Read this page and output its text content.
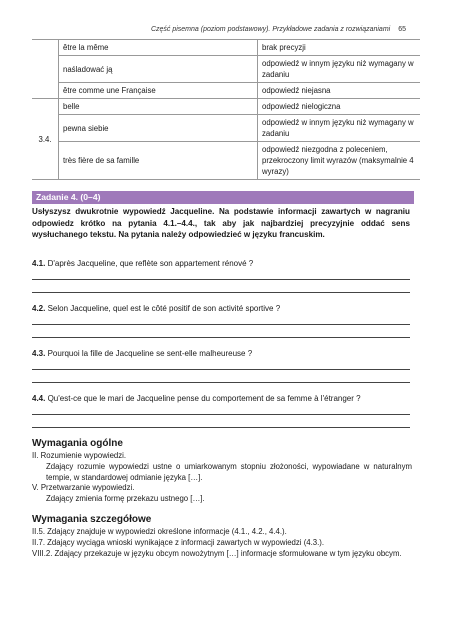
Część pisemna (poziom podstawowy). Przykładowe zadania z rozwiązaniami 65
	être la même	brak precyzji
	naśladować ją	odpowiedź w innym języku niż wymagany w zadaniu
	être comme une Française	odpowiedź niejasna
3.4.	belle	odpowiedź nielogiczna
	pewna siebie	odpowiedź w innym języku niż wymagany w zadaniu
	très fière de sa famille	odpowiedź niezgodna z poleceniem, przekroczony limit wyrazów (maksymalnie 4 wyrazy)
Zadanie 4. (0–4)
Usłyszysz dwukrotnie wypowiedź Jacqueline. Na podstawie informacji zawartych w nagraniu odpowiedz krótko na pytania 4.1.–4.4., tak aby jak najbardziej precyzyjnie oddać sens wysłuchanego tekstu. Na pytania należy odpowiedzieć w języku francuskim.
4.1. D'après Jacqueline, que reflète son appartement rénové ?
4.2. Selon Jacqueline, quel est le côté positif de son activité sportive ?
4.3. Pourquoi la fille de Jacqueline se sent-elle malheureuse ?
4.4. Qu'est-ce que le mari de Jacqueline pense du comportement de sa femme à l'étranger ?
Wymagania ogólne
II. Rozumienie wypowiedzi.
Zdający rozumie wypowiedzi ustne o umiarkowanym stopniu złożoności, wypowiadane w naturalnym tempie, w standardowej odmianie języka […].
V. Przetwarzanie wypowiedzi.
Zdający zmienia formę przekazu ustnego […].
Wymagania szczegółowe
II.5. Zdający znajduje w wypowiedzi określone informacje (4.1., 4.2., 4.4.).
II.7. Zdający wyciąga wnioski wynikające z informacji zawartych w wypowiedzi (4.3.).
VIII.2. Zdający przekazuje w języku obcym nowożytnym […] informacje sformułowane w tym języku obcym.
